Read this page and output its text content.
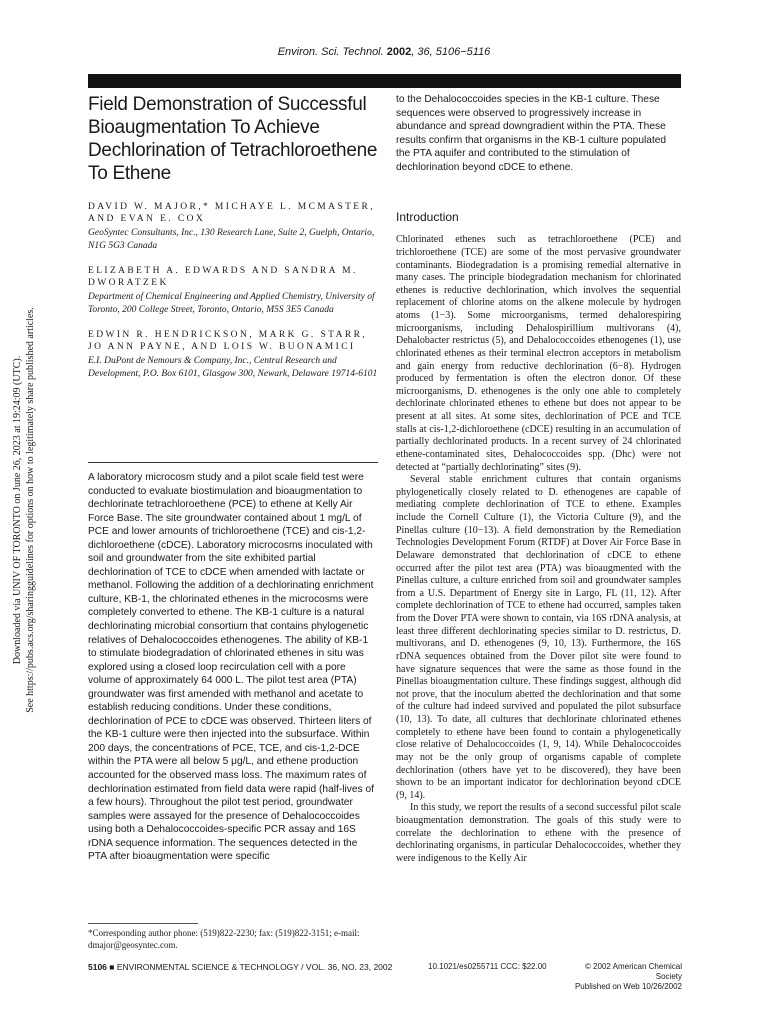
Environ. Sci. Technol. 2002, 36, 5106−5116
Downloaded via UNIV OF TORONTO on June 26, 2023 at 19:24:09 (UTC). See https://pubs.acs.org/sharingguidelines for options on how to legitimately share published articles.
Field Demonstration of Successful Bioaugmentation To Achieve Dechlorination of Tetrachloroethene To Ethene

DAVID W. MAJOR,* MICHAYE L. MCMASTER, AND EVAN E. COX

GeoSyntec Consultants, Inc., 130 Research Lane, Suite 2, Guelph, Ontario, N1G 5G3 Canada

ELIZABETH A. EDWARDS AND SANDRA M. DWORATZEK

Department of Chemical Engineering and Applied Chemistry, University of Toronto, 200 College Street, Toronto, Ontario, M5S 3E5 Canada

EDWIN R. HENDRICKSON, MARK G. STARR, JO ANN PAYNE, AND LOIS W. BUONAMICI

E.I. DuPont de Nemours & Company, Inc., Central Research and Development, P.O. Box 6101, Glasgow 300, Newark, Delaware 19714-6101

A laboratory microcosm study and a pilot scale field test were conducted to evaluate biostimulation and bioaugmentation to dechlorinate tetrachloroethene (PCE) to ethene at Kelly Air Force Base. The site groundwater contained about 1 mg/L of PCE and lower amounts of trichloroethene (TCE) and cis-1,2-dichloroethene (cDCE). Laboratory microcosms inoculated with soil and groundwater from the site exhibited partial dechlorination of TCE to cDCE when amended with lactate or methanol. Following the addition of a dechlorinating enrichment culture, KB-1, the chlorinated ethenes in the microcosms were completely converted to ethene. The KB-1 culture is a natural dechlorinating microbial consortium that contains phylogenetic relatives of Dehalococcoides ethenogenes. The ability of KB-1 to stimulate biodegradation of chlorinated ethenes in situ was explored using a closed loop recirculation cell with a pore volume of approximately 64 000 L. The pilot test area (PTA) groundwater was first amended with methanol and acetate to establish reducing conditions. Under these conditions, dechlorination of PCE to cDCE was observed. Thirteen liters of the KB-1 culture were then injected into the subsurface. Within 200 days, the concentrations of PCE, TCE, and cis-1,2-DCE within the PTA were all below 5 μg/L, and ethene production accounted for the observed mass loss. The maximum rates of dechlorination estimated from field data were rapid (half-lives of a few hours). Throughout the pilot test period, groundwater samples were assayed for the presence of Dehalococcoides using both a Dehalococcoides-specific PCR assay and 16S rDNA sequence information. The sequences detected in the PTA after bioaugmentation were specific
*Corresponding author phone: (519)822-2230; fax: (519)822-3151; e-mail: dmajor@geosyntec.com.

to the Dehalococcoides species in the KB-1 culture. These sequences were observed to progressively increase in abundance and spread downgradient within the PTA. These results confirm that organisms in the KB-1 culture populated the PTA aquifer and contributed to the stimulation of dechlorination beyond cDCE to ethene.

Introduction

Chlorinated ethenes such as tetrachloroethene (PCE) and trichloroethene (TCE) are some of the most pervasive groundwater contaminants. Biodegradation is a promising remedial alternative in many cases. The principle biodegradation mechanism for chlorinated ethenes is reductive dechlorination, which involves the sequential replacement of chlorine atoms on the alkene molecule by hydrogen atoms (1−3). Some microorganisms, termed dehalorespiring microorganisms, including Dehalospirillium multivorans (4), Dehalobacter restrictus (5), and Dehalococcoides ethenogenes (1), use chlorinated ethenes as their terminal electron acceptors in metabolism and gain energy from reductive dechlorination (6−8). Hydrogen produced by fermentation is often the electron donor. Of these microorganisms, D. ethenogenes is the only one able to completely dechlorinate chlorinated ethenes to ethene but does not appear to be present at all sites. At some sites, dechlorination of PCE and TCE stalls at cis-1,2-dichloroethene (cDCE) resulting in an accumulation of partially dechlorinated products. In a recent survey of 24 chlorinated ethene-contaminated sites, Dehalococcoides spp. (Dhc) were not detected at “partially dechlorinating” sites (9).

Several stable enrichment cultures that contain organisms phylogenetically closely related to D. ethenogenes are capable of mediating complete dechlorination of TCE to ethene. Examples include the Cornell Culture (1), the Victoria Culture (9), and the Pinellas culture (10−13). A field demonstration by the Remediation Technologies Development Forum (RTDF) at Dover Air Force Base in Delaware demonstrated that dechlorination of cDCE to ethene occurred after the pilot test area (PTA) was bioaugmented with the Pinellas culture, a culture enriched from soil and groundwater samples from a U.S. Department of Energy site in Largo, FL (11, 12). After complete dechlorination of TCE to ethene had occurred, samples taken from the Dover PTA were shown to contain, via 16S rDNA analysis, at least three different dechlorinating species similar to D. restrictus, D. multivorans, and D. ethenogenes (9, 10, 13). Furthermore, the 16S rDNA sequences obtained from the Dover pilot site were found to have signature sequences that were the same as those found in the Pinellas bioaugmentation culture. These findings suggest, although did not prove, that the inoculum abetted the dechlorination and that some of the culture had indeed survived and populated the pilot subsurface (10, 13). To date, all cultures that dechlorinate chlorinated ethenes completely to ethene have been found to contain a phylogenetically close relative of Dehalococcoides (1, 9, 14). While Dehalococcoides may not be the only group of organisms capable of complete dechlorination (others have yet to be discovered), they have been shown to be an important indicator for dechlorination beyond cDCE (9, 14).

In this study, we report the results of a second successful pilot scale bioaugmentation demonstration. The goals of this study were to correlate the dechlorination to ethene with the presence of dechlorinating organisms, in particular Dehalococcoides, whether they were indigenous to the Kelly Air

5106 ■ ENVIRONMENTAL SCIENCE & TECHNOLOGY / VOL. 36, NO. 23, 2002	10.1021/es0255711 CCC: $22.00	© 2002 American Chemical Society
Published on Web 10/26/2002
